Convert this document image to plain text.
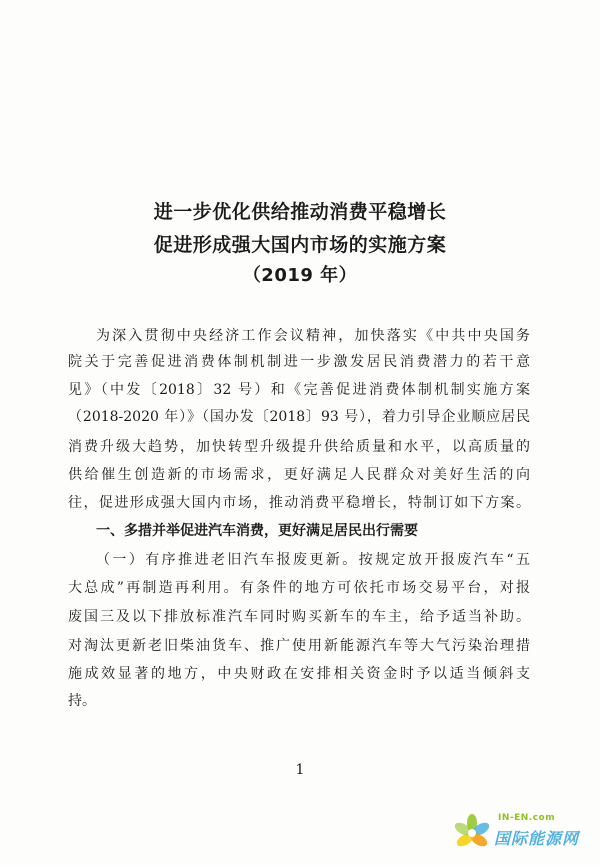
进一步优化供给推动消费平稳增长
促进形成强大国内市场的实施方案
（2019 年）
为深入贯彻中央经济工作会议精神，加快落实《中共中央国务
院关于完善促进消费体制机制进一步激发居民消费潜力的若干意
见》（中发〔2018〕32 号）和《完善促进消费体制机制实施方案
（2018-2020 年）》（国办发〔2018〕93 号），着力引导企业顺应居民
消费升级大趋势，加快转型升级提升供给质量和水平，以高质量的
供给催生创造新的市场需求，更好满足人民群众对美好生活的向
往，促进形成强大国内市场，推动消费平稳增长，特制订如下方案。
一、多措并举促进汽车消费，更好满足居民出行需要
（一）有序推进老旧汽车报废更新。按规定放开报废汽车“五
大总成”再制造再利用。有条件的地方可依托市场交易平台，对报
废国三及以下排放标准汽车同时购买新车的车主，给予适当补助。
对淘汰更新老旧柴油货车、推广使用新能源汽车等大气污染治理措
施成效显著的地方，中央财政在安排相关资金时予以适当倾斜支
持。
1
IN-EN.com
国际能源网
